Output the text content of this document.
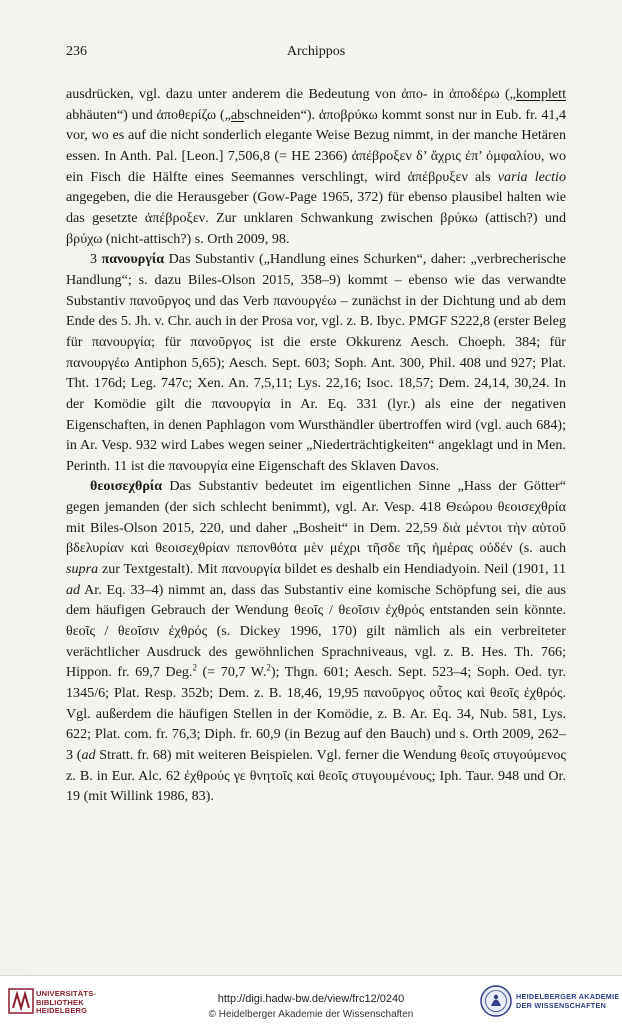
236	Archippos

ausdrücken, vgl. dazu unter anderem die Bedeutung von ἀπο- in ἀποδέρω („komplett abhäuten“) und ἀποθερίζω („abschneiden“). ἀποβρύκω kommt sonst nur in Eub. fr. 41,4 vor, wo es auf die nicht sonderlich elegante Weise Bezug nimmt, in der manche Hetären essen. In Anth. Pal. [Leon.] 7,506,8 (= HE 2366) ἀπέβροξεν δ’ ἄχρις ἐπ’ ὀμφαλίου, wo ein Fisch die Hälfte eines Seemannes verschlingt, wird ἀπέβρυξεν als varia lectio angegeben, die die Herausgeber (Gow-Page 1965, 372) für ebenso plausibel halten wie das gesetzte ἀπέβροξεν. Zur unklaren Schwankung zwischen βρύκω (attisch?) und βρύχω (nicht-attisch?) s. Orth 2009, 98.

3 πανουργία Das Substantiv („Handlung eines Schurken“, daher: „verbrecherische Handlung“; s. dazu Biles-Olson 2015, 358–9) kommt – ebenso wie das verwandte Substantiv πανοῦργος und das Verb πανουργέω – zunächst in der Dichtung und ab dem Ende des 5. Jh. v. Chr. auch in der Prosa vor, vgl. z. B. Ibyc. PMGF S222,8 (erster Beleg für πανουργία; für πανοῦργος ist die erste Okkurenz Aesch. Choeph. 384; für πανουργέω Antiphon 5,65); Aesch. Sept. 603; Soph. Ant. 300, Phil. 408 und 927; Plat. Tht. 176d; Leg. 747c; Xen. An. 7,5,11; Lys. 22,16; Isoc. 18,57; Dem. 24,14, 30,24. In der Komödie gilt die πανουργία in Ar. Eq. 331 (lyr.) als eine der negativen Eigenschaften, in denen Paphlagon vom Wursthändler übertroffen wird (vgl. auch 684); in Ar. Vesp. 932 wird Labes wegen seiner „Niederträchtigkeiten“ angeklagt und in Men. Perinth. 11 ist die πανουργία eine Eigenschaft des Sklaven Davos.

θεοισεχθρία Das Substantiv bedeutet im eigentlichen Sinne „Hass der Götter“ gegen jemanden (der sich schlecht benimmt), vgl. Ar. Vesp. 418 Θεώρου θεοισεχθρία mit Biles-Olson 2015, 220, und daher „Bosheit“ in Dem. 22,59 διὰ μέντοι τὴν αὑτοῦ βδελυρίαν καὶ θεοισεχθρίαν πεπονθότα μὲν μέχρι τῆσδε τῆς ἡμέρας οὐδέν (s. auch supra zur Textgestalt). Mit πανουργία bildet es deshalb ein Hendiadyoin. Neil (1901, 11 ad Ar. Eq. 33–4) nimmt an, dass das Substantiv eine komische Schöpfung sei, die aus dem häufigen Gebrauch der Wendung θεοῖς / θεοῖσιν ἐχθρός entstanden sein könnte. θεοῖς / θεοῖσιν ἐχθρός (s. Dickey 1996, 170) gilt nämlich als ein verbreiteter verächtlicher Ausdruck des gewöhnlichen Sprachniveaus, vgl. z. B. Hes. Th. 766; Hippon. fr. 69,7 Deg.$^2$ (= 70,7 W.$^2$); Thgn. 601; Aesch. Sept. 523–4; Soph. Oed. tyr. 1345/6; Plat. Resp. 352b; Dem. z. B. 18,46, 19,95 πανοῦργος οὗτος καὶ θεοῖς ἐχθρός. Vgl. außerdem die häufigen Stellen in der Komödie, z. B. Ar. Eq. 34, Nub. 581, Lys. 622; Plat. com. fr. 76,3; Diph. fr. 60,9 (in Bezug auf den Bauch) und s. Orth 2009, 262–3 (ad Stratt. fr. 68) mit weiteren Beispielen. Vgl. ferner die Wendung θεοῖς στυγούμενος z. B. in Eur. Alc. 62 ἐχθρούς γε θνητοῖς καὶ θεοῖς στυγουμένους; Iph. Taur. 948 und Or. 19 (mit Willink 1986, 83).

UNIVERSITÄTS-
BIBLIOTHEK
HEIDELBERG
http://digi.hadw-bw.de/view/frc12/0240
© Heidelberger Akademie der Wissenschaften
HEIDELBERGER AKADEMIE
DER WISSENSCHAFTEN
